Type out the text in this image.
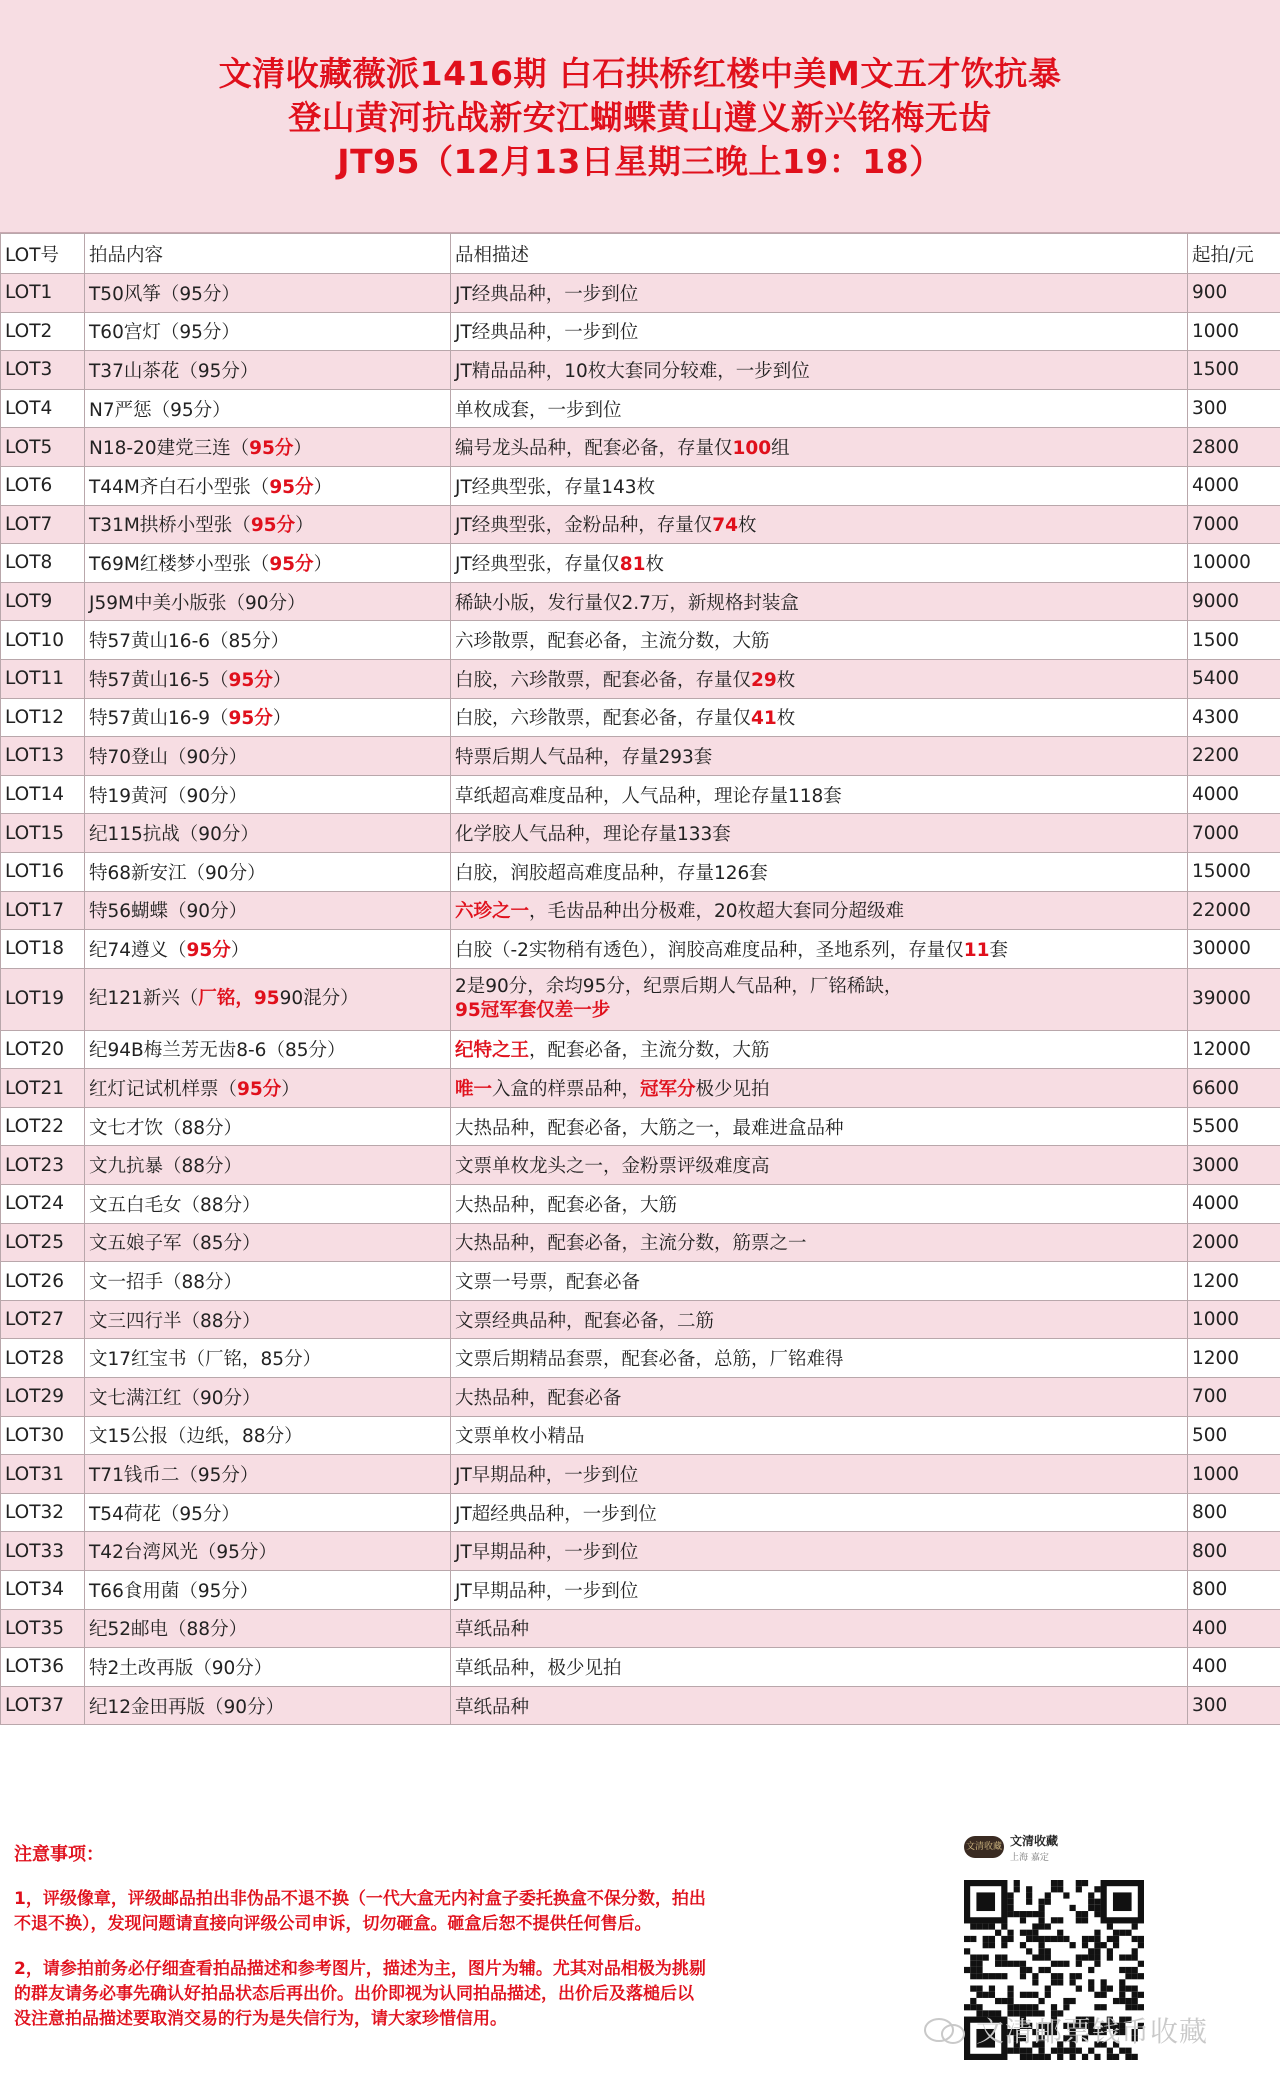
文清收藏薇派1416期 白石拱桥红楼中美M文五才饮抗暴
登山黄河抗战新安江蝴蝶黄山遵义新兴铭梅无齿
JT95（12月13日星期三晚上19：18）
LOT号	拍品内容	品相描述	起拍/元
LOT1	T50风筝（95分）	JT经典品种，一步到位	900
LOT2	T60宫灯（95分）	JT经典品种，一步到位	1000
LOT3	T37山茶花（95分）	JT精品品种，10枚大套同分较难，一步到位	1500
LOT4	N7严惩（95分）	单枚成套，一步到位	300
LOT5	N18-20建党三连（95分）	编号龙头品种，配套必备，存量仅100组	2800
LOT6	T44M齐白石小型张（95分）	JT经典型张，存量143枚	4000
LOT7	T31M拱桥小型张（95分）	JT经典型张，金粉品种，存量仅74枚	7000
LOT8	T69M红楼梦小型张（95分）	JT经典型张，存量仅81枚	10000
LOT9	J59M中美小版张（90分）	稀缺小版，发行量仅2.7万，新规格封装盒	9000
LOT10	特57黄山16-6（85分）	六珍散票，配套必备，主流分数，大筋	1500
LOT11	特57黄山16-5（95分）	白胶，六珍散票，配套必备，存量仅29枚	5400
LOT12	特57黄山16-9（95分）	白胶，六珍散票，配套必备，存量仅41枚	4300
LOT13	特70登山（90分）	特票后期人气品种，存量293套	2200
LOT14	特19黄河（90分）	草纸超高难度品种，人气品种，理论存量118套	4000
LOT15	纪115抗战（90分）	化学胶人气品种，理论存量133套	7000
LOT16	特68新安江（90分）	白胶，润胶超高难度品种，存量126套	15000
LOT17	特56蝴蝶（90分）	六珍之一，毛齿品种出分极难，20枚超大套同分超级难	22000
LOT18	纪74遵义（95分）	白胶（-2实物稍有透色），润胶高难度品种，圣地系列，存量仅11套	30000
LOT19	纪121新兴（厂铭，9590混分）	2是90分，余均95分，纪票后期人气品种，厂铭稀缺，
95冠军套仅差一步	39000
LOT20	纪94B梅兰芳无齿8-6（85分）	纪特之王，配套必备，主流分数，大筋	12000
LOT21	红灯记试机样票（95分）	唯一入盒的样票品种，冠军分极少见拍	6600
LOT22	文七才饮（88分）	大热品种，配套必备，大筋之一，最难进盒品种	5500
LOT23	文九抗暴（88分）	文票单枚龙头之一，金粉票评级难度高	3000
LOT24	文五白毛女（88分）	大热品种，配套必备，大筋	4000
LOT25	文五娘子军（85分）	大热品种，配套必备，主流分数，筋票之一	2000
LOT26	文一招手（88分）	文票一号票，配套必备	1200
LOT27	文三四行半（88分）	文票经典品种，配套必备，二筋	1000
LOT28	文17红宝书（厂铭，85分）	文票后期精品套票，配套必备，总筋，厂铭难得	1200
LOT29	文七满江红（90分）	大热品种，配套必备	700
LOT30	文15公报（边纸，88分）	文票单枚小精品	500
LOT31	T71钱币二（95分）	JT早期品种，一步到位	1000
LOT32	T54荷花（95分）	JT超经典品种，一步到位	800
LOT33	T42台湾风光（95分）	JT早期品种，一步到位	800
LOT34	T66食用菌（95分）	JT早期品种，一步到位	800
LOT35	纪52邮电（88分）	草纸品种	400
LOT36	特2土改再版（90分）	草纸品种，极少见拍	400
LOT37	纪12金田再版（90分）	草纸品种	300
注意事项：
1，评级像章，评级邮品拍出非伪品不退不换（一代大盒无内衬盒子委托换盒不保分数，拍出
不退不换），发现问题请直接向评级公司申诉，切勿砸盒。砸盒后恕不提供任何售后。
2，请参拍前务必仔细查看拍品描述和参考图片，描述为主，图片为辅。尤其对品相极为挑剔
的群友请务必事先确认好拍品状态后再出价。出价即视为认同拍品描述，出价后及落槌后以
没注意拍品描述要取消交易的行为是失信行为，请大家珍惜信用。
文清收藏 文清收藏
上海 嘉定
文清邮票钱币收藏
